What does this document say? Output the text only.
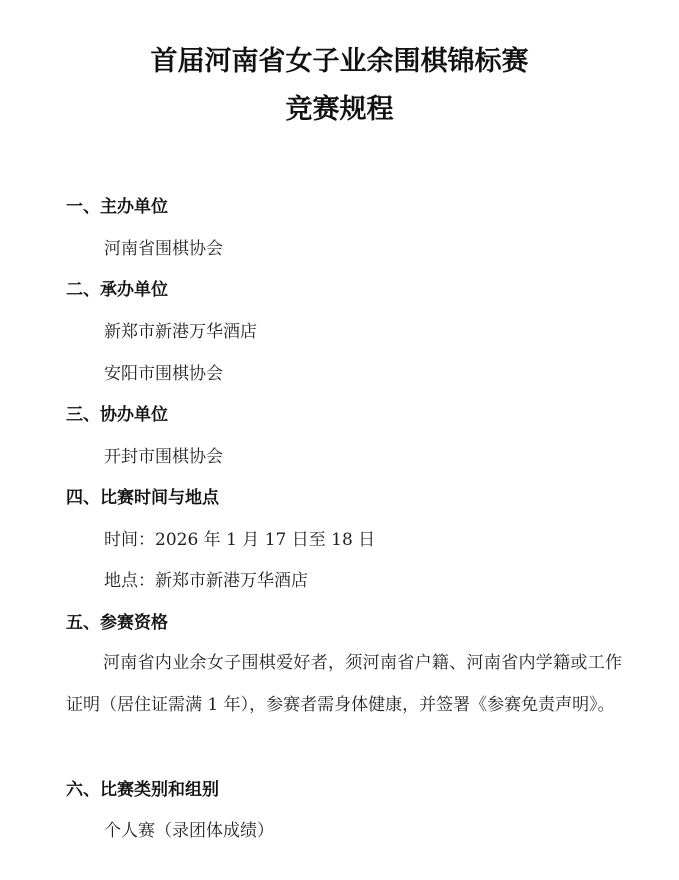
首届河南省女子业余围棋锦标赛
竞赛规程
一、主办单位
河南省围棋协会
二、承办单位
新郑市新港万华酒店
安阳市围棋协会
三、协办单位
开封市围棋协会
四、比赛时间与地点
时间：2026 年 1 月 17 日至 18 日
地点：新郑市新港万华酒店
五、参赛资格
河南省内业余女子围棋爱好者，须河南省户籍、河南省内学籍或工作证明（居住证需满 1 年），参赛者需身体健康，并签署《参赛免责声明》。
六、比赛类别和组别
个人赛（录团体成绩）
